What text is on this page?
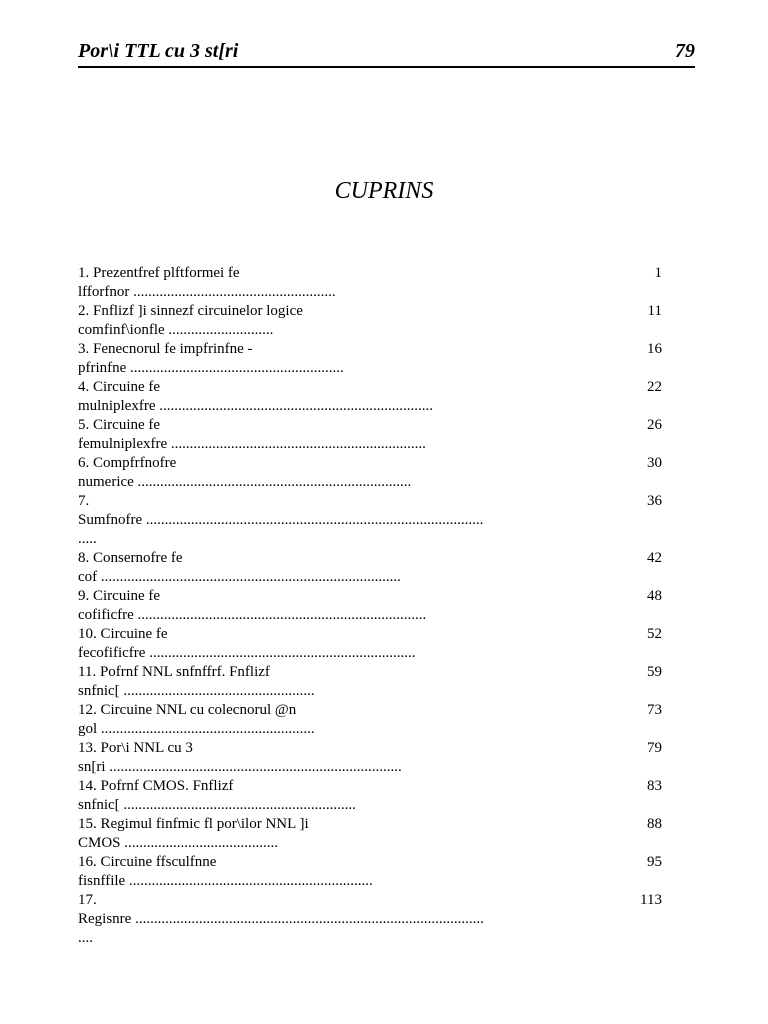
Por\i TTL cu 3 st[ri	79
CUPRINS
1. Prezentfref plftformei fe
lfforfnor ......................................................
1
2. Fnflizf ]i sinnezf circuinelor logice
comfinf\ionfle ............................
11
3. Fenecnorul fe impfrinfne -
pfrinfne .........................................................
16
4. Circuine fe
mulniplexfre .........................................................................
22
5. Circuine fe
femulniplexfre ....................................................................
26
6. Compfrfnofre
numerice .........................................................................
30
7.
Sumfnofre ..........................................................................................
.....
36
8. Consernofre fe
cof ................................................................................
42
9. Circuine fe
cofificfre .............................................................................
48
10. Circuine fe
fecofificfre .......................................................................
52
11. Pofrnf NNL snfnffrf. Fnflizf
snfnic[ ...................................................
59
12. Circuine NNL cu colecnorul @n
gol .........................................................
73
13. Por\i NNL cu 3
sn[ri ..............................................................................
79
14. Pofrnf CMOS. Fnflizf
snfnic[ ..............................................................
83
15. Regimul finfmic fl por\ilor NNL ]i
CMOS .........................................
88
16. Circuine ffsculfnne
fisnffile .................................................................
95
17.
Regisnre .............................................................................................
....
113
